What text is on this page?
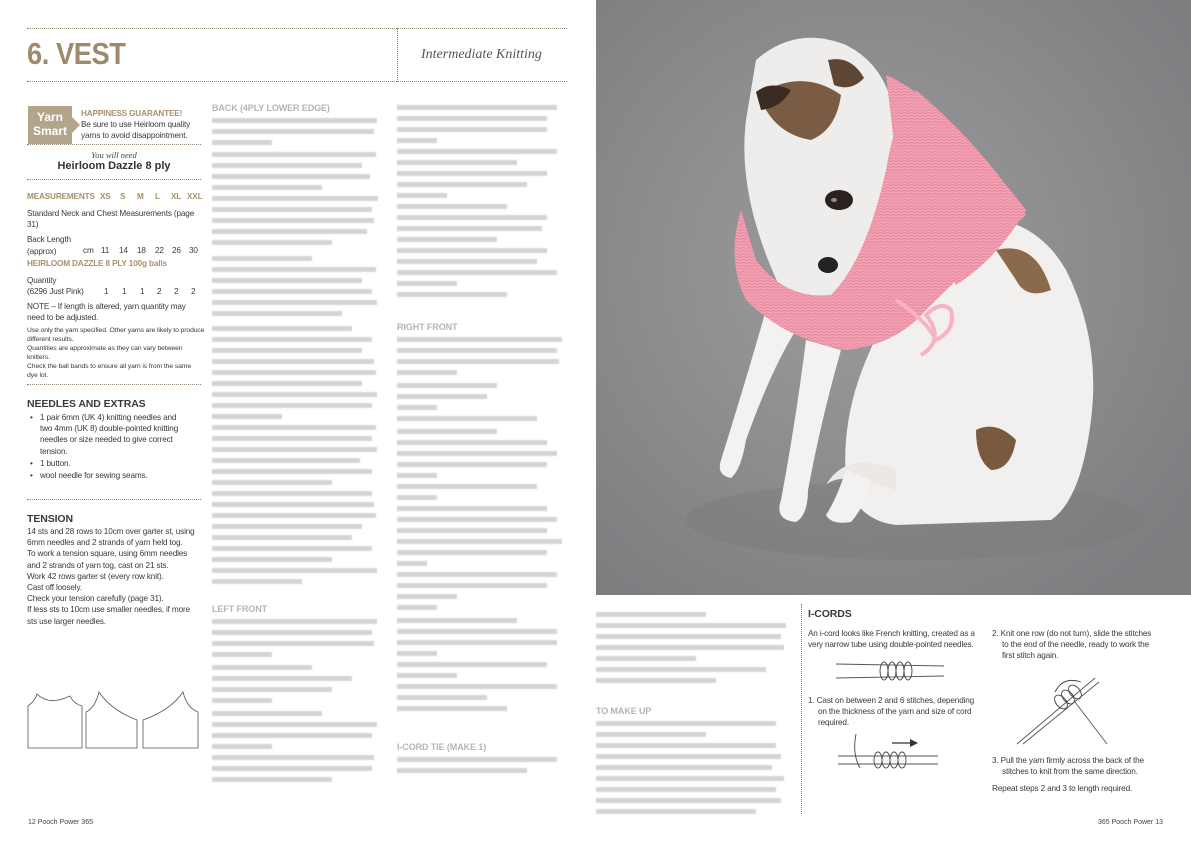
6. VEST	Intermediate Knitting
Yarn
Smart
HAPPINESS GUARANTEE!
Be sure to use Heirloom quality
yarns to avoid disappointment.
You will need
Heirloom Dazzle 8 ply
MEASUREMENTS XS S M L XL XXL
Standard Neck and Chest Measurements (page 31)
Back Length
(approx)	cm 11 14 18 22 26 30
HEIRLOOM DAZZLE 8 PLY 100g balls
Quantity
(6296 Just Pink)	1 1 1 2 2 2
NOTE – If length is altered, yarn quantity may
need to be adjusted.
Use only the yarn specified. Other yarns are likely to produce
different results.
Quantities are approximate as they can vary between knitters.
Check the ball bands to ensure all yarn is from the same
dye lot.
NEEDLES AND EXTRAS
• 1 pair 6mm (UK 4) knitting needles and
two 4mm (UK 8) double-pointed knitting
needles or size needed to give correct
tension.
• 1 button.
• wool needle for sewing seams.
TENSION
14 sts and 28 rows to 10cm over garter st, using
6mm needles and 2 strands of yarn held tog.
To work a tension square, using 6mm needles
and 2 strands of yarn tog, cast on 21 sts.
Work 42 rows garter st (every row knit).
Cast off loosely.
Check your tension carefully (page 31).
If less sts to 10cm use smaller needles, if more
sts use larger needles.
12 Pooch Power 365
BACK (4PLY LOWER EDGE)
LEFT FRONT
RIGHT FRONT
I-CORD TIE (MAKE 1)
TO MAKE UP
I-CORDS
An i-cord looks like French knitting, created as a
very narrow tube using double-pointed needles.
1. Cast on between 2 and 6 stitches, depending
on the thickness of the yarn and size of cord
required.
2. Knit one row (do not turn), slide the stitches
to the end of the needle, ready to work the
first stitch again.
3. Pull the yarn firmly across the back of the
stitches to knit from the same direction.
Repeat steps 2 and 3 to length required.
365 Pooch Power 13
